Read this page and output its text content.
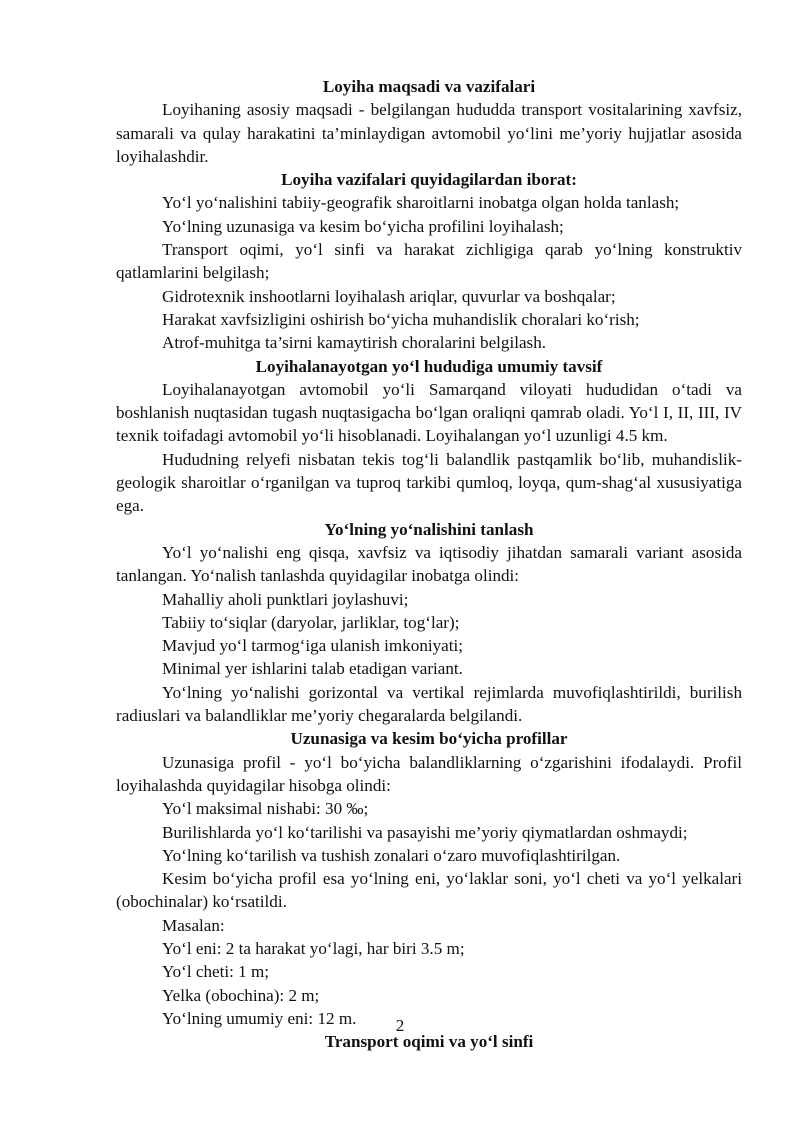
Loyiha maqsadi va vazifalari

Loyihaning asosiy maqsadi - belgilangan hududda transport vositalarining xavfsiz, samarali va qulay harakatini ta’minlaydigan avtomobil yo‘lini me’yoriy hujjatlar asosida loyihalashdir.

Loyiha vazifalari quyidagilardan iborat:

Yo‘l yo‘nalishini tabiiy-geografik sharoitlarni inobatga olgan holda tanlash;

Yo‘lning uzunasiga va kesim bo‘yicha profilini loyihalash;

Transport oqimi, yo‘l sinfi va harakat zichligiga qarab yo‘lning konstruktiv qatlamlarini belgilash;

Gidrotexnik inshootlarni loyihalash ariqlar, quvurlar va boshqalar;

Harakat xavfsizligini oshirish bo‘yicha muhandislik choralari ko‘rish;

Atrof-muhitga ta’sirni kamaytirish choralarini belgilash.

Loyihalanayotgan yo‘l hududiga umumiy tavsif

Loyihalanayotgan avtomobil yo‘li Samarqand viloyati hududidan o‘tadi va boshlanish nuqtasidan tugash nuqtasigacha bo‘lgan oraliqni qamrab oladi. Yo‘l I, II, III, IV texnik toifadagi avtomobil yo‘li hisoblanadi. Loyihalangan yo‘l uzunligi 4.5 km.

Hududning relyefi nisbatan tekis tog‘li balandlik pastqamlik bo‘lib, muhandislik-geologik sharoitlar o‘rganilgan va tuproq tarkibi qumloq, loyqa, qum-shag‘al xususiyatiga ega.

Yo‘lning yo‘nalishini tanlash

Yo‘l yo‘nalishi eng qisqa, xavfsiz va iqtisodiy jihatdan samarali variant asosida tanlangan. Yo‘nalish tanlashda quyidagilar inobatga olindi:

Mahalliy aholi punktlari joylashuvi;

Tabiiy to‘siqlar (daryolar, jarliklar, tog‘lar);

Mavjud yo‘l tarmog‘iga ulanish imkoniyati;

Minimal yer ishlarini talab etadigan variant.

Yo‘lning yo‘nalishi gorizontal va vertikal rejimlarda muvofiqlashtirildi, burilish radiuslari va balandliklar me’yoriy chegaralarda belgilandi.

Uzunasiga va kesim bo‘yicha profillar

Uzunasiga profil - yo‘l bo‘yicha balandliklarning o‘zgarishini ifodalaydi. Profil loyihalashda quyidagilar hisobga olindi:

Yo‘l maksimal nishabi: 30 ‰;

Burilishlarda yo‘l ko‘tarilishi va pasayishi me’yoriy qiymatlardan oshmaydi;

Yo‘lning ko‘tarilish va tushish zonalari o‘zaro muvofiqlashtirilgan.

Kesim bo‘yicha profil esa yo‘lning eni, yo‘laklar soni, yo‘l cheti va yo‘l yelkalari (obochinalar) ko‘rsatildi.

Masalan:

Yo‘l eni: 2 ta harakat yo‘lagi, har biri 3.5 m;

Yo‘l cheti: 1 m;

Yelka (obochina): 2 m;

Yo‘lning umumiy eni: 12 m.

Transport oqimi va yo‘l sinfi

2
